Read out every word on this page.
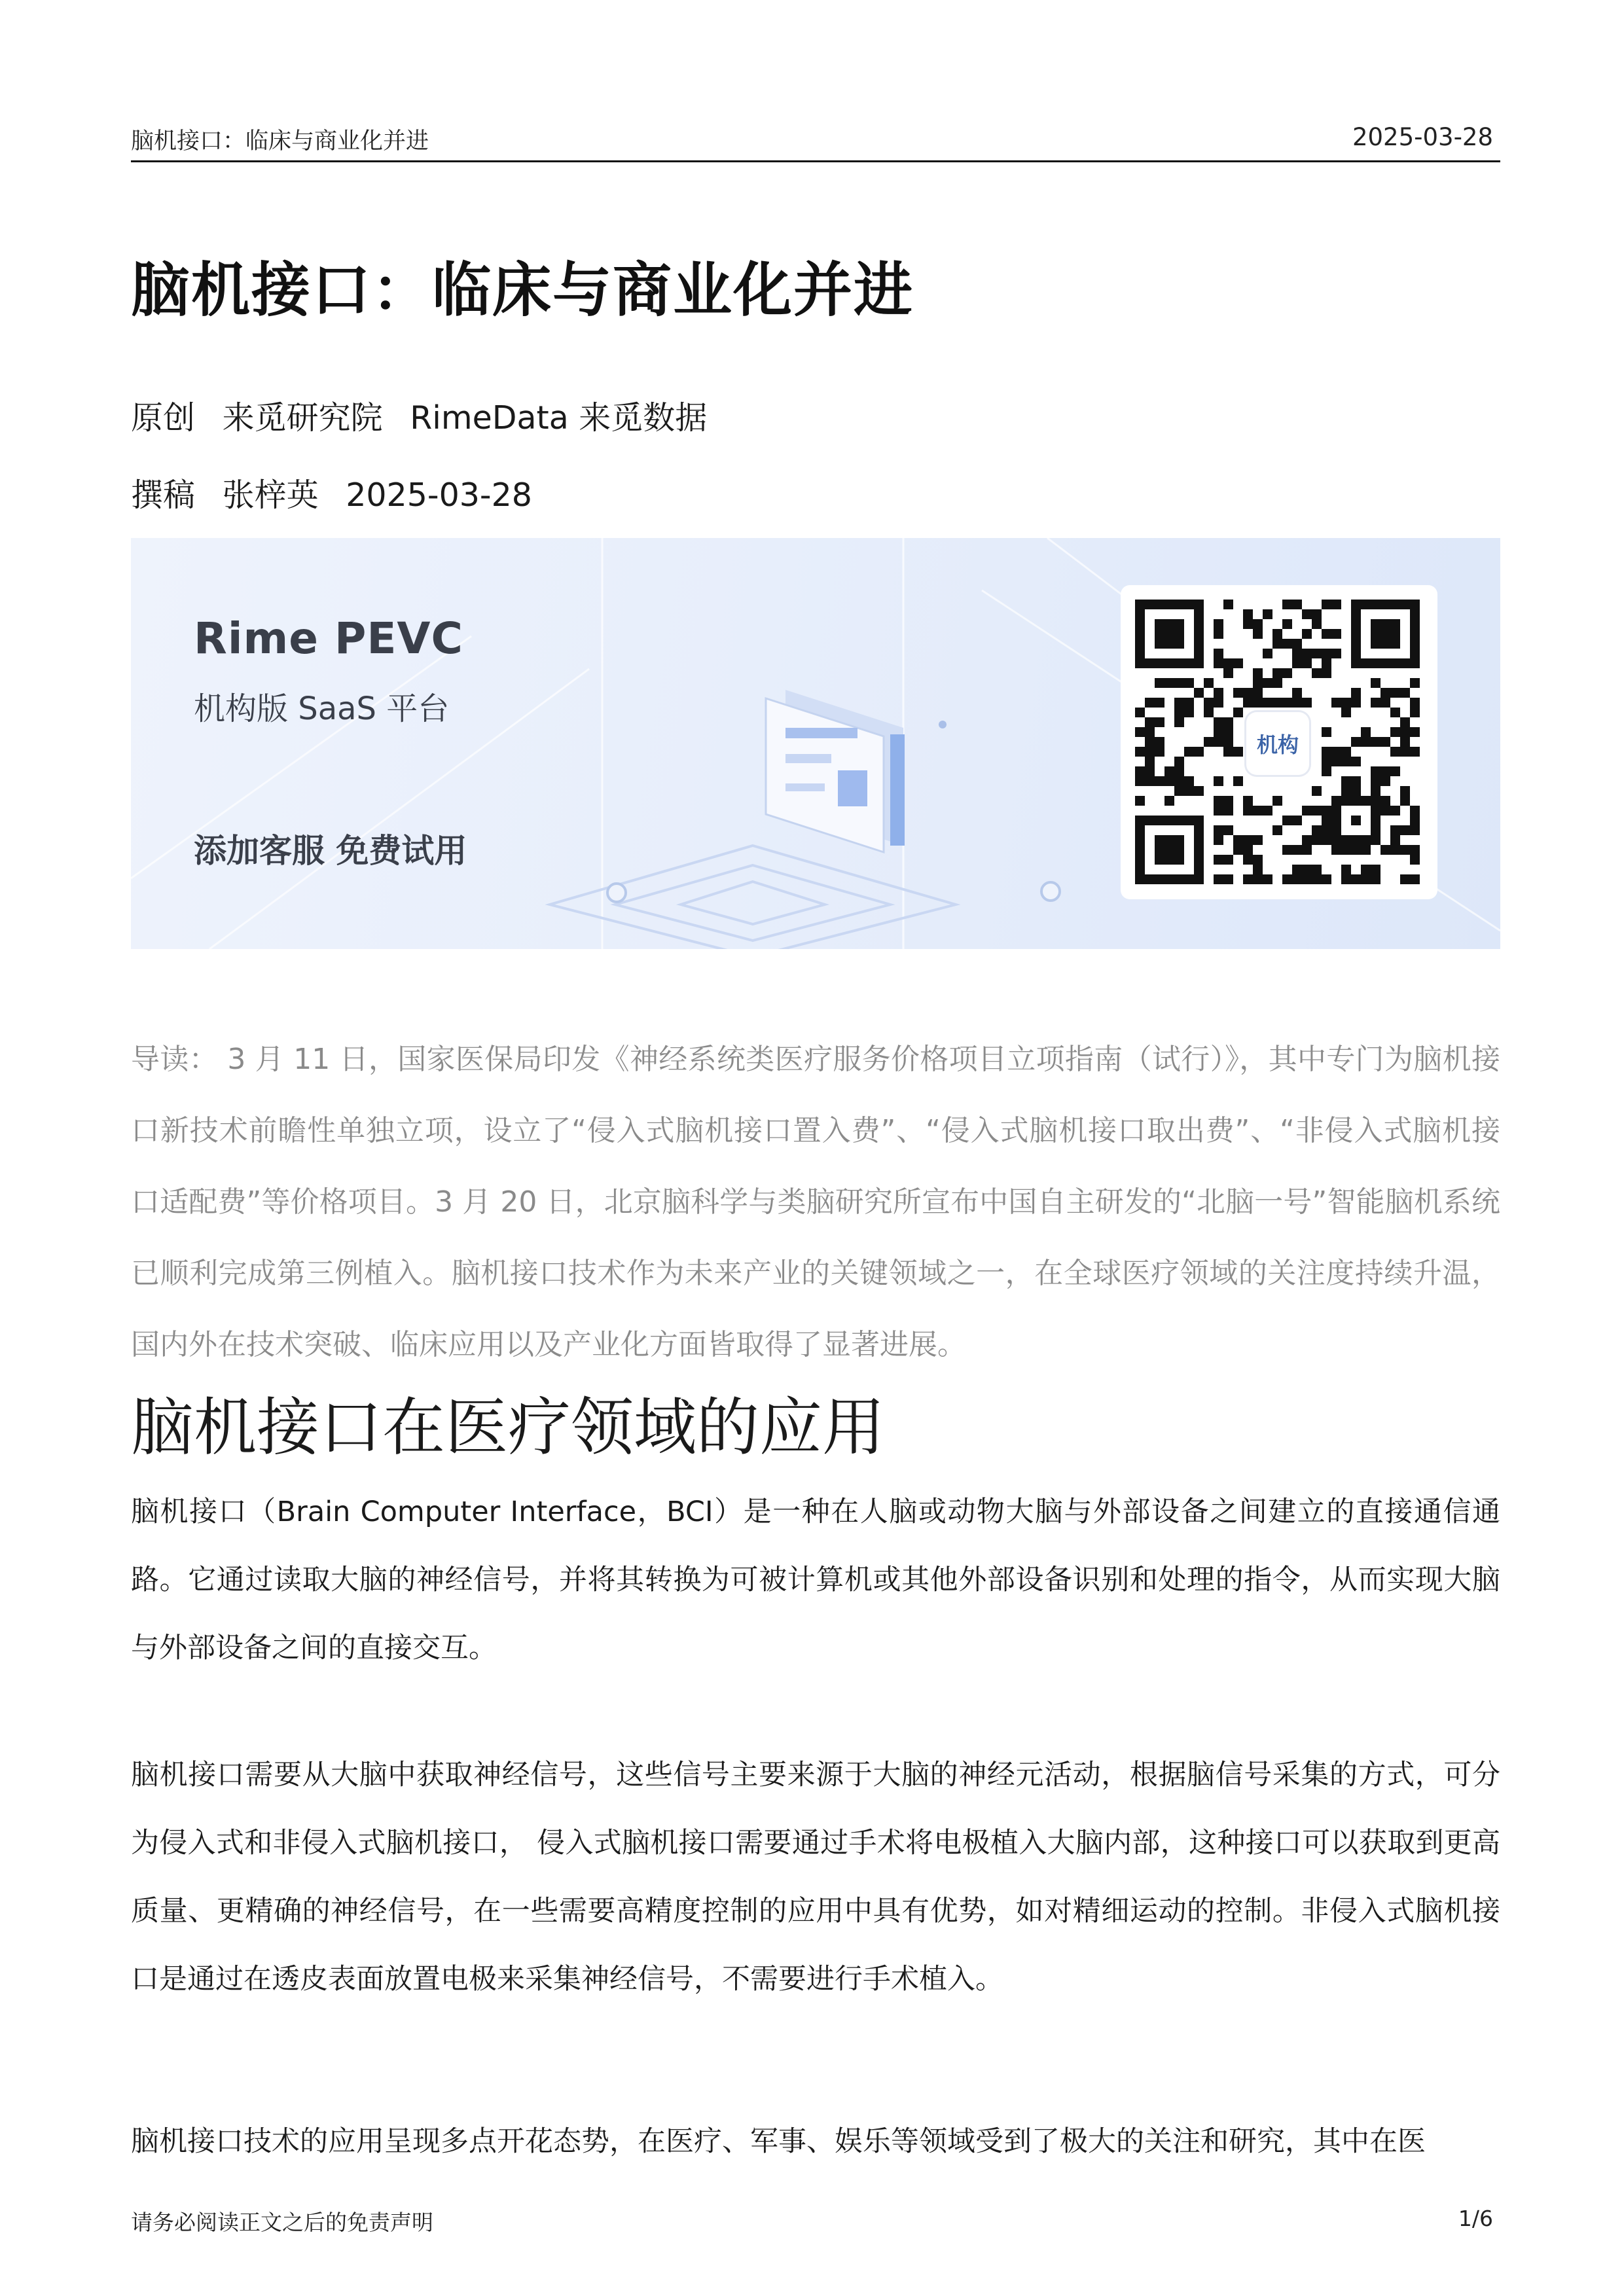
脑机接口：临床与商业化并进	2025-03-28
脑机接口：临床与商业化并进
原创 来觅研究院 RimeData 来觅数据
撰稿 张梓英 2025-03-28
Rime PEVC
机构版 SaaS 平台
添加客服 免费试用
机构

导读： 3 月 11 日，国家医保局印发《神经系统类医疗服务价格项目立项指南（试行）》，其中专门为脑机接口新技术前瞻性单独立项，设立了“侵入式脑机接口置入费”、“侵入式脑机接口取出费”、“非侵入式脑机接口适配费”等价格项目。3 月 20 日，北京脑科学与类脑研究所宣布中国自主研发的“北脑一号”智能脑机系统已顺利完成第三例植入。脑机接口技术作为未来产业的关键领域之一，在全球医疗领域的关注度持续升温，国内外在技术突破、临床应用以及产业化方面皆取得了显著进展。

脑机接口在医疗领域的应用

脑机接口（Brain Computer Interface，BCI）是一种在人脑或动物大脑与外部设备之间建立的直接通信通路。它通过读取大脑的神经信号，并将其转换为可被计算机或其他外部设备识别和处理的指令，从而实现大脑与外部设备之间的直接交互。

脑机接口需要从大脑中获取神经信号，这些信号主要来源于大脑的神经元活动，根据脑信号采集的方式，可分为侵入式和非侵入式脑机接口， 侵入式脑机接口需要通过手术将电极植入大脑内部，这种接口可以获取到更高质量、更精确的神经信号，在一些需要高精度控制的应用中具有优势，如对精细运动的控制。非侵入式脑机接口是通过在透皮表面放置电极来采集神经信号，不需要进行手术植入。

脑机接口技术的应用呈现多点开花态势，在医疗、军事、娱乐等领域受到了极大的关注和研究，其中在医

请务必阅读正文之后的免责声明	1/6
